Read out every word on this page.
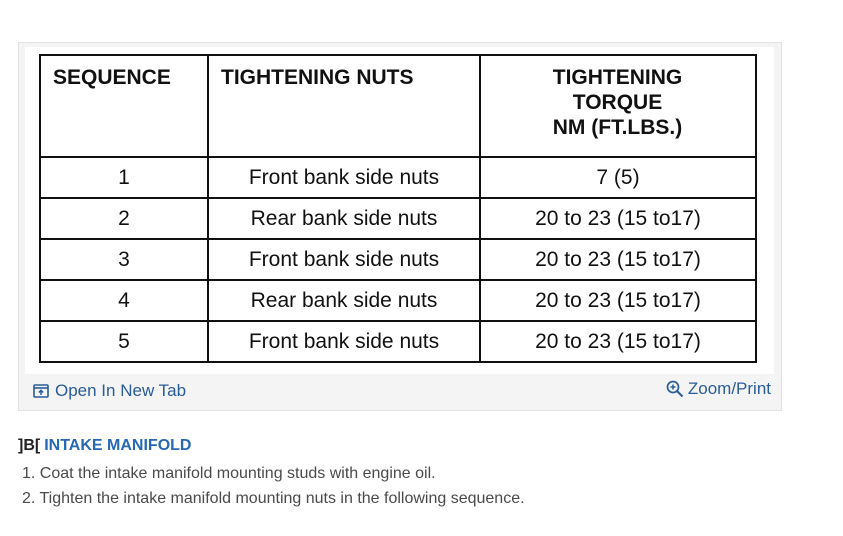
SEQUENCE	TIGHTENING NUTS	TIGHTENING
TORQUE
NM (FT.LBS.)

1	Front bank side nuts	7 (5)
2	Rear bank side nuts	20 to 23 (15 to17)
3	Front bank side nuts	20 to 23 (15 to17)
4	Rear bank side nuts	20 to 23 (15 to17)
5	Front bank side nuts	20 to 23 (15 to17)
Open In New Tab	Zoom/Print
]B[ INTAKE MANIFOLD
1. Coat the intake manifold mounting studs with engine oil.
2. Tighten the intake manifold mounting nuts in the following sequence.
